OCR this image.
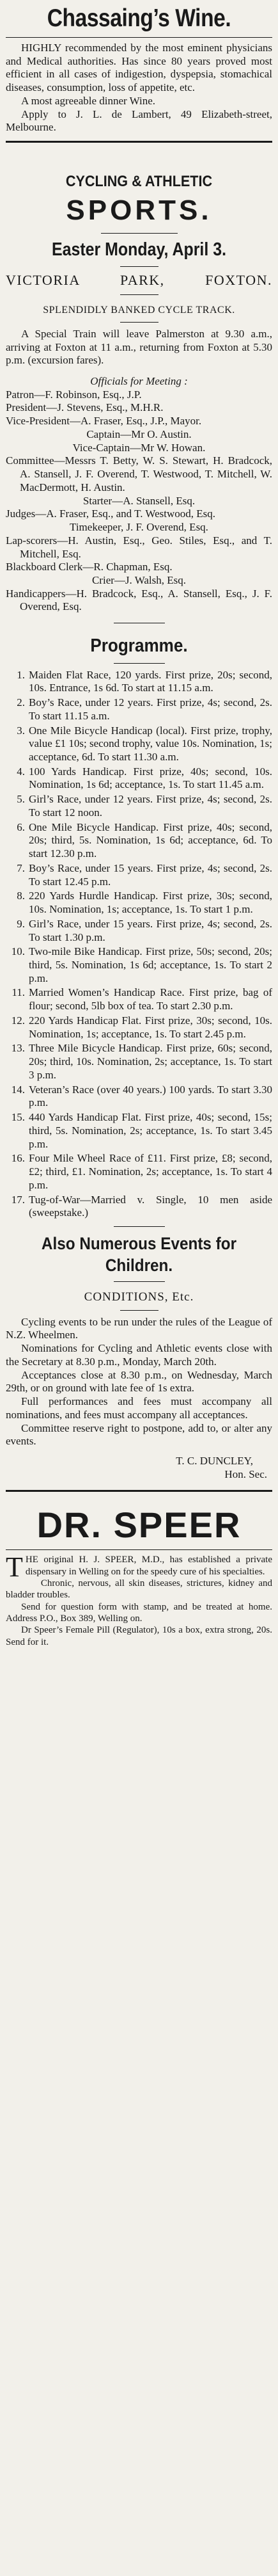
Chassaing’s Wine.

HIGHLY recommended by the most eminent physicians and Medical authorities. Has since 80 years proved most efficient in all cases of indigestion, dyspepsia, stomachical diseases, consumption, loss of appetite, etc.

A most agreeable dinner Wine.

Apply to J. L. de Lambert, 49 Elizabeth-street, Melbourne.

CYCLING & ATHLETIC
SPORTS.
Easter Monday, April 3.
VICTORIA	PARK,	FOXTON.
SPLENDIDLY BANKED CYCLE TRACK.

A Special Train will leave Palmerston at 9.30 a.m., arriving at Foxton at 11 a.m., returning from Foxton at 5.30 p.m. (excursion fares).

Officials for Meeting :

Patron—F. Robinson, Esq., J.P.

President—J. Stevens, Esq., M.H.R.

Vice-President—A. Fraser, Esq., J.P., Mayor.

Captain—Mr O. Austin.

Vice-Captain—Mr W. Howan.

Committee—Messrs T. Betty, W. S. Stewart, H. Bradcock, A. Stansell, J. F. Overend, T. Westwood, T. Mitchell, W. MacDermott, H. Austin.

Starter—A. Stansell, Esq.

Judges—A. Fraser, Esq., and T. Westwood, Esq.

Timekeeper, J. F. Overend, Esq.

Lap-scorers—H. Austin, Esq., Geo. Stiles, Esq., and T. Mitchell, Esq.

Blackboard Clerk—R. Chapman, Esq.

Crier—J. Walsh, Esq.

Handicappers—H. Bradcock, Esq., A. Stansell, Esq., J. F. Overend, Esq.

Programme.
1. Maiden Flat Race, 120 yards. First prize, 20s; second, 10s. Entrance, 1s 6d. To start at 11.15 a.m.
2. Boy’s Race, under 12 years. First prize, 4s; second, 2s. To start 11.15 a.m.
3. One Mile Bicycle Handicap (local). First prize, trophy, value £1 10s; second trophy, value 10s. Nomination, 1s; acceptance, 6d. To start 11.30 a.m.
4. 100 Yards Handicap. First prize, 40s; second, 10s. Nomination, 1s 6d; acceptance, 1s. To start 11.45 a.m.
5. Girl’s Race, under 12 years. First prize, 4s; second, 2s. To start 12 noon.
6. One Mile Bicycle Handicap. First prize, 40s; second, 20s; third, 5s. Nomination, 1s 6d; acceptance, 6d. To start 12.30 p.m.
7. Boy’s Race, under 15 years. First prize, 4s; second, 2s. To start 12.45 p.m.
8. 220 Yards Hurdle Handicap. First prize, 30s; second, 10s. Nomination, 1s; acceptance, 1s. To start 1 p.m.
9. Girl’s Race, under 15 years. First prize, 4s; second, 2s. To start 1.30 p.m.
10. Two-mile Bike Handicap. First prize, 50s; second, 20s; third, 5s. Nomination, 1s 6d; acceptance, 1s. To start 2 p.m.
11. Married Women’s Handicap Race. First prize, bag of flour; second, 5lb box of tea. To start 2.30 p.m.
12. 220 Yards Handicap Flat. First prize, 30s; second, 10s. Nomination, 1s; acceptance, 1s. To start 2.45 p.m.
13. Three Mile Bicycle Handicap. First prize, 60s; second, 20s; third, 10s. Nomination, 2s; acceptance, 1s. To start 3 p.m.
14. Veteran’s Race (over 40 years.) 100 yards. To start 3.30 p.m.
15. 440 Yards Handicap Flat. First prize, 40s; second, 15s; third, 5s. Nomination, 2s; acceptance, 1s. To start 3.45 p.m.
16. Four Mile Wheel Race of £11. First prize, £8; second, £2; third, £1. Nomination, 2s; acceptance, 1s. To start 4 p.m.
17. Tug-of-War—Married v. Single, 10 men aside (sweepstake.)
Also Numerous Events for Children.
CONDITIONS, Etc.

Cycling events to be run under the rules of the League of N.Z. Wheelmen.

Nominations for Cycling and Athletic events close with the Secretary at 8.30 p.m., Monday, March 20th.

Acceptances close at 8.30 p.m., on Wednesday, March 29th, or on ground with late fee of 1s extra.

Full performances and fees must accompany all nominations, and fees must accompany all acceptances.

Committee reserve right to postpone, add to, or alter any events.

T. C. DUNCLEY,
Hon. Sec.
DR. SPEER

THE original H. J. SPEER, M.D., has established a private dispensary in Welling on for the speedy cure of his specialties.

Chronic, nervous, all skin diseases, strictures, kidney and bladder troubles.

Send for question form with stamp, and be treated at home. Address P.O., Box 389, Welling on.

Dr Speer’s Female Pill (Regulator), 10s a box, extra strong, 20s. Send for it.
